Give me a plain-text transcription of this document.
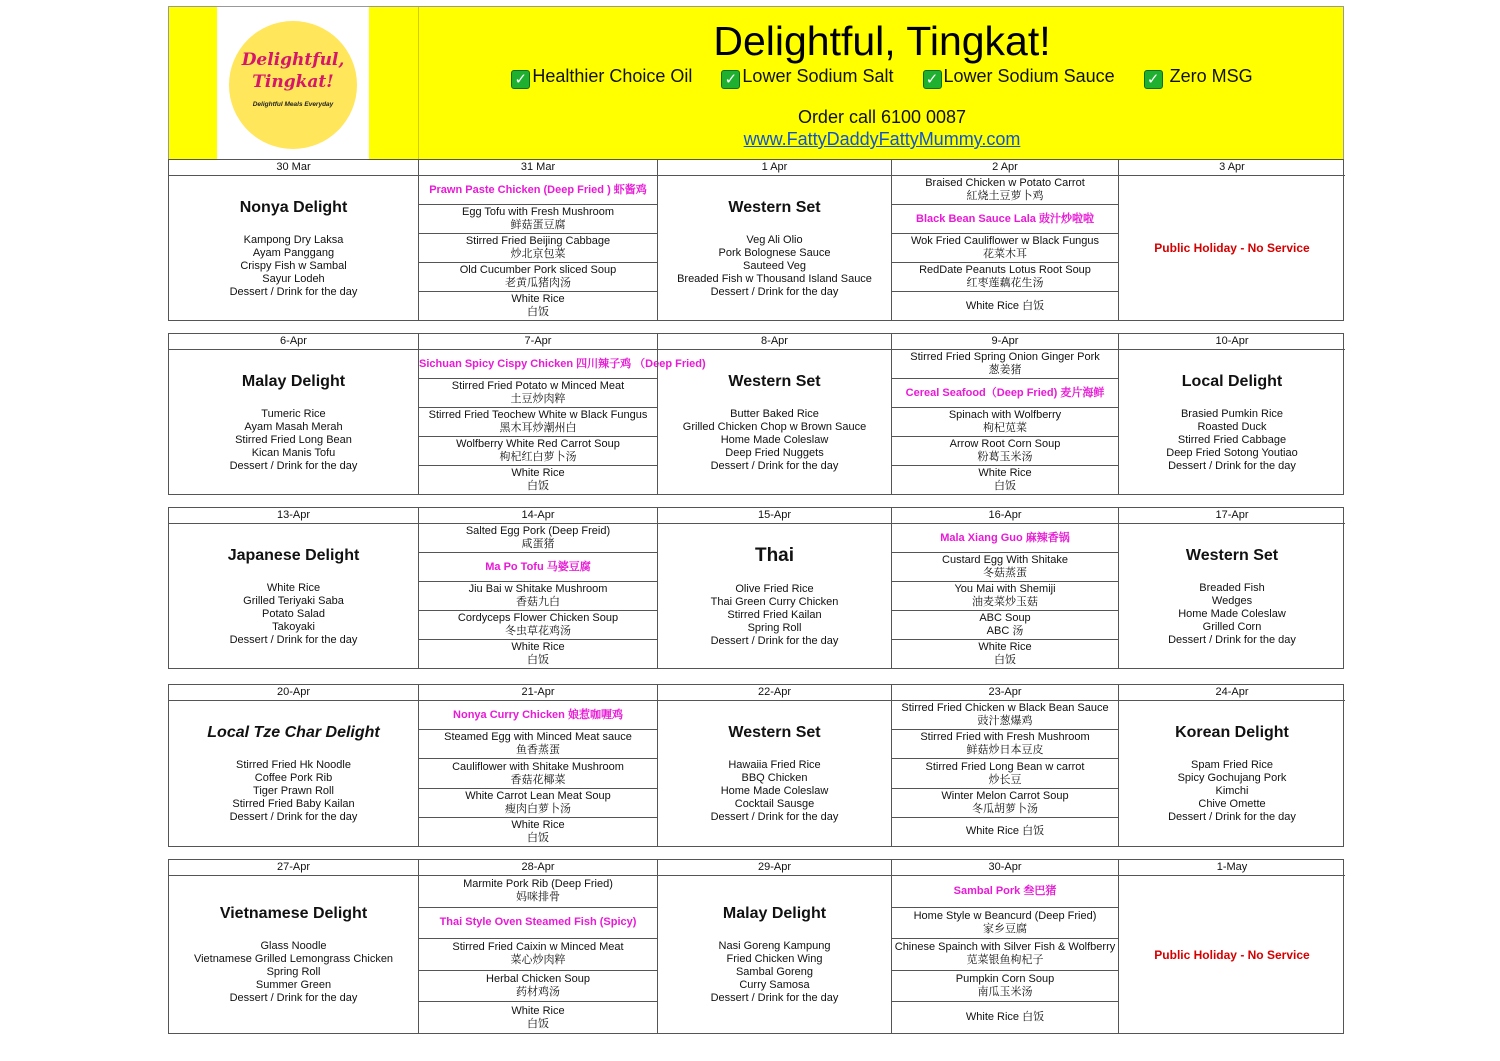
Delightful,
Tingkat!
Delightful Meals Everyday
Delightful, Tingkat!
✓ Healthier Choice Oil ✓ Lower Sodium Salt ✓ Lower Sodium Sauce ✓ Zero MSG
Order call 6100 0087
www.FattyDaddyFattyMummy.com
30 Mar
Nonya Delight
Kampong Dry Laksa
Ayam Panggang
Crispy Fish w Sambal
Sayur Lodeh
Dessert / Drink for the day
31 Mar
Prawn Paste Chicken (Deep Fried ) 虾酱鸡
Egg Tofu with Fresh Mushroom
鲜菇蛋豆腐
Stirred Fried Beijing Cabbage
炒北京包菜
Old Cucumber Pork sliced Soup
老黄瓜猪肉汤
White Rice
白饭
1 Apr
Western Set
Veg Ali Olio
Pork Bolognese Sauce
Sauteed Veg
Breaded Fish w Thousand Island Sauce
Dessert / Drink for the day
2 Apr
Braised Chicken w Potato Carrot
紅烧土豆萝卜鸡
Black Bean Sauce Lala 豉汁炒啦啦
Wok Fried Cauliflower w Black Fungus
花菜木耳
RedDate Peanuts Lotus Root Soup
红枣莲藕花生汤
White Rice 白饭
3 Apr
Public Holiday - No Service
6-Apr
Malay Delight
Tumeric Rice
Ayam Masah Merah
Stirred Fried Long Bean
Kican Manis Tofu
Dessert / Drink for the day
7-Apr
Sichuan Spicy Cispy Chicken 四川辣子鸡 （Deep Fried)
Stirred Fried Potato w Minced Meat
土豆炒肉粹
Stirred Fried Teochew White w Black Fungus
黑木耳炒潮州白
Wolfberry White Red Carrot Soup
枸杞红白萝卜汤
White Rice
白饭
8-Apr
Western Set
Butter Baked Rice
Grilled Chicken Chop w Brown Sauce
Home Made Coleslaw
Deep Fried Nuggets
Dessert / Drink for the day
9-Apr
Stirred Fried Spring Onion Ginger Pork
葱姜猪
Cereal Seafood（Deep Fried) 麦片海鲜
Spinach with Wolfberry
枸杞苋菜
Arrow Root Corn Soup
粉葛玉米汤
White Rice
白饭
10-Apr
Local Delight
Brasied Pumkin Rice
Roasted Duck
Stirred Fried Cabbage
Deep Fried Sotong Youtiao
Dessert / Drink for the day
13-Apr
Japanese Delight
White Rice
Grilled Teriyaki Saba
Potato Salad
Takoyaki
Dessert / Drink for the day
14-Apr
Salted Egg Pork (Deep Freid)
咸蛋猪
Ma Po Tofu 马婆豆腐
Jiu Bai w Shitake Mushroom
香菇九白
Cordyceps Flower Chicken Soup
冬虫草花鸡汤
White Rice
白饭
15-Apr
Thai
Olive Fried Rice
Thai Green Curry Chicken
Stirred Fried Kailan
Spring Roll
Dessert / Drink for the day
16-Apr
Mala Xiang Guo 麻辣香锅
Custard Egg With Shitake
冬菇蒸蛋
You Mai with Shemiji
油麦菜炒玉菇
ABC Soup
ABC 汤
White Rice
白饭
17-Apr
Western Set
Breaded Fish
Wedges
Home Made Coleslaw
Grilled Corn
Dessert / Drink for the day
20-Apr
Local Tze Char Delight
Stirred Fried Hk Noodle
Coffee Pork Rib
Tiger Prawn Roll
Stirred Fried Baby Kailan
Dessert / Drink for the day
21-Apr
Nonya Curry Chicken 娘惹咖喱鸡
Steamed Egg with Minced Meat sauce
鱼香蒸蛋
Cauliflower with Shitake Mushroom
香菇花椰菜
White Carrot Lean Meat Soup
瘦肉白萝卜汤
White Rice
白饭
22-Apr
Western Set
Hawaiia Fried Rice
BBQ Chicken
Home Made Coleslaw
Cocktail Sausge
Dessert / Drink for the day
23-Apr
Stirred Fried Chicken w Black Bean Sauce
豉汁葱爆鸡
Stirred Fried with Fresh Mushroom
鲜菇炒日本豆皮
Stirred Fried Long Bean w carrot
炒长豆
Winter Melon Carrot Soup
冬瓜胡萝卜汤
White Rice 白饭
24-Apr
Korean Delight
Spam Fried Rice
Spicy Gochujang Pork
Kimchi
Chive Omette
Dessert / Drink for the day
27-Apr
Vietnamese Delight
Glass Noodle
Vietnamese Grilled Lemongrass Chicken
Spring Roll
Summer Green
Dessert / Drink for the day
28-Apr
Marmite Pork Rib (Deep Fried)
妈咪排骨
Thai Style Oven Steamed Fish (Spicy)
Stirred Fried Caixin w Minced Meat
菜心炒肉粹
Herbal Chicken Soup
药材鸡汤
White Rice
白饭
29-Apr
Malay Delight
Nasi Goreng Kampung
Fried Chicken Wing
Sambal Goreng
Curry Samosa
Dessert / Drink for the day
30-Apr
Sambal Pork 叁巴猪
Home Style w Beancurd (Deep Fried)
家乡豆腐
Chinese Spainch with Silver Fish & Wolfberry
苋菜银鱼枸杞子
Pumpkin Corn Soup
南瓜玉米汤
White Rice 白饭
1-May
Public Holiday - No Service
